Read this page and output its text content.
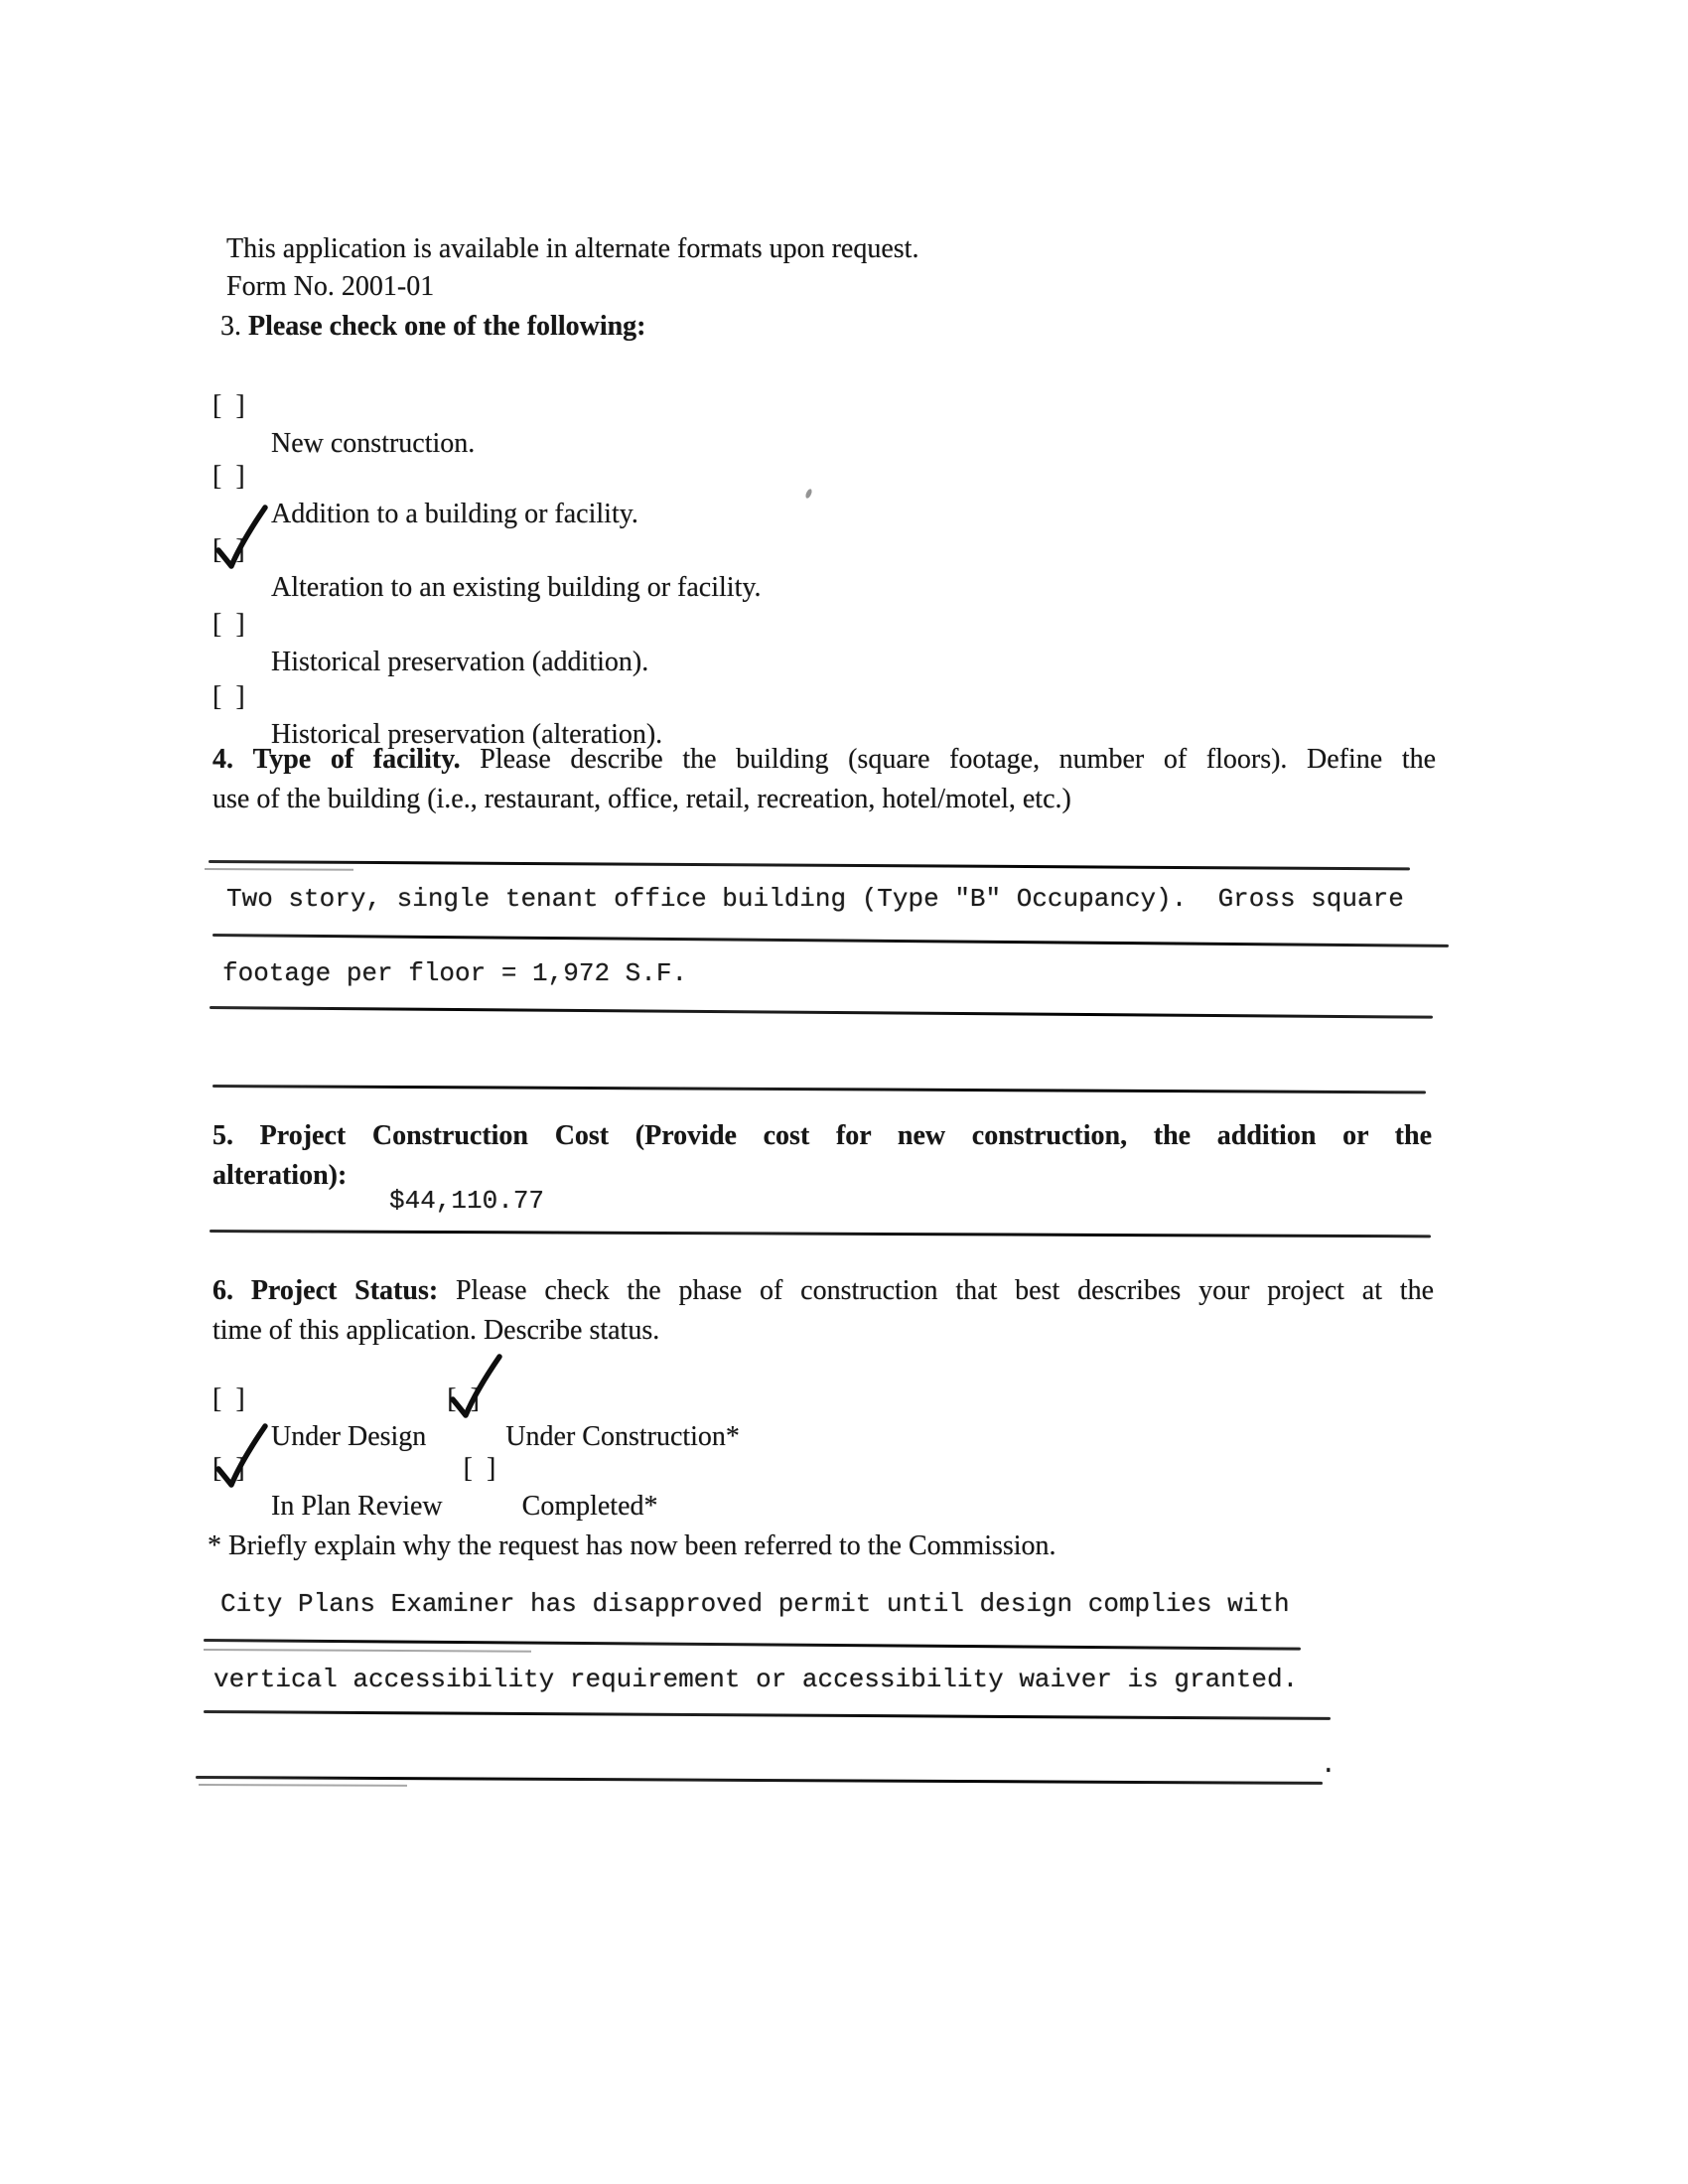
This application is available in alternate formats upon request.
Form No. 2001-01
3. Please check one of the following:
[  ]
New construction.
[  ]
Addition to a building or facility.
[  ]

Alteration to an existing building or facility.
[  ]
Historical preservation (addition).
[  ]
Historical preservation (alteration).
4. Type of facility. Please describe the building (square footage, number of floors). Define the
use of the building (i.e., restaurant, office, retail, recreation, hotel/motel, etc.)
Two story, single tenant office building (Type "B" Occupancy).  Gross square
footage per floor = 1,972 S.F.
5. Project Construction Cost (Provide cost for new construction, the addition or the
alteration):
$44,110.77
6. Project Status: Please check the phase of construction that best describes your project at the
time of this application. Describe status.
[  ]
Under Design [  ]

Under Construction*
[  ]

In Plan Review [  ]
Completed*
* Briefly explain why the request has now been referred to the Commission.
City Plans Examiner has disapproved permit until design complies with
vertical accessibility requirement or accessibility waiver is granted.
.
